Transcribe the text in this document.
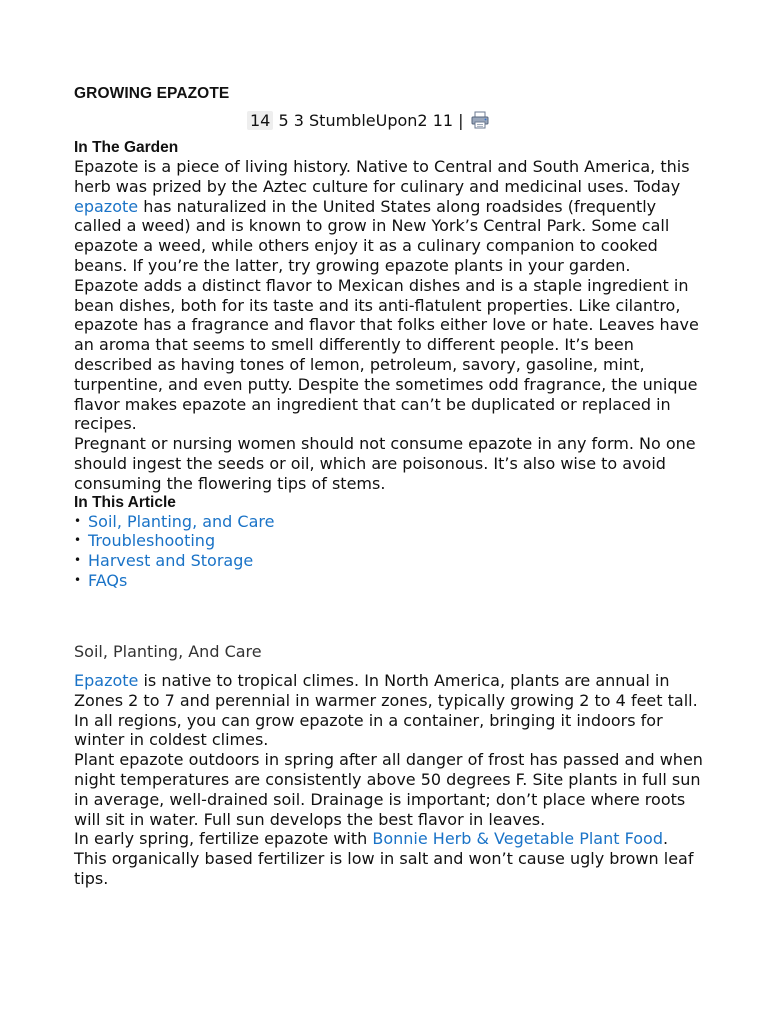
GROWING EPAZOTE
14 5 3 StumbleUpon2 11 |
In The Garden

Epazote is a piece of living history. Native to Central and South America, this herb was prized by the Aztec culture for culinary and medicinal uses. Today epazote has naturalized in the United States along roadsides (frequently called a weed) and is known to grow in New York’s Central Park. Some call epazote a weed, while others enjoy it as a culinary companion to cooked beans. If you’re the latter, try growing epazote plants in your garden.

Epazote adds a distinct flavor to Mexican dishes and is a staple ingredient in bean dishes, both for its taste and its anti-flatulent properties. Like cilantro, epazote has a fragrance and flavor that folks either love or hate. Leaves have an aroma that seems to smell differently to different people. It’s been described as having tones of lemon, petroleum, savory, gasoline, mint, turpentine, and even putty. Despite the sometimes odd fragrance, the unique flavor makes epazote an ingredient that can’t be duplicated or replaced in recipes.

Pregnant or nursing women should not consume epazote in any form. No one should ingest the seeds or oil, which are poisonous. It’s also wise to avoid consuming the flowering tips of stems.

In This Article
• Soil, Planting, and Care
• Troubleshooting
• Harvest and Storage
• FAQs
Soil, Planting, And Care

Epazote is native to tropical climes. In North America, plants are annual in Zones 2 to 7 and perennial in warmer zones, typically growing 2 to 4 feet tall. In all regions, you can grow epazote in a container, bringing it indoors for winter in coldest climes.

Plant epazote outdoors in spring after all danger of frost has passed and when night temperatures are consistently above 50 degrees F. Site plants in full sun in average, well-drained soil. Drainage is important; don’t place where roots will sit in water. Full sun develops the best flavor in leaves.

In early spring, fertilize epazote with Bonnie Herb & Vegetable Plant Food. This organically based fertilizer is low in salt and won’t cause ugly brown leaf tips.
